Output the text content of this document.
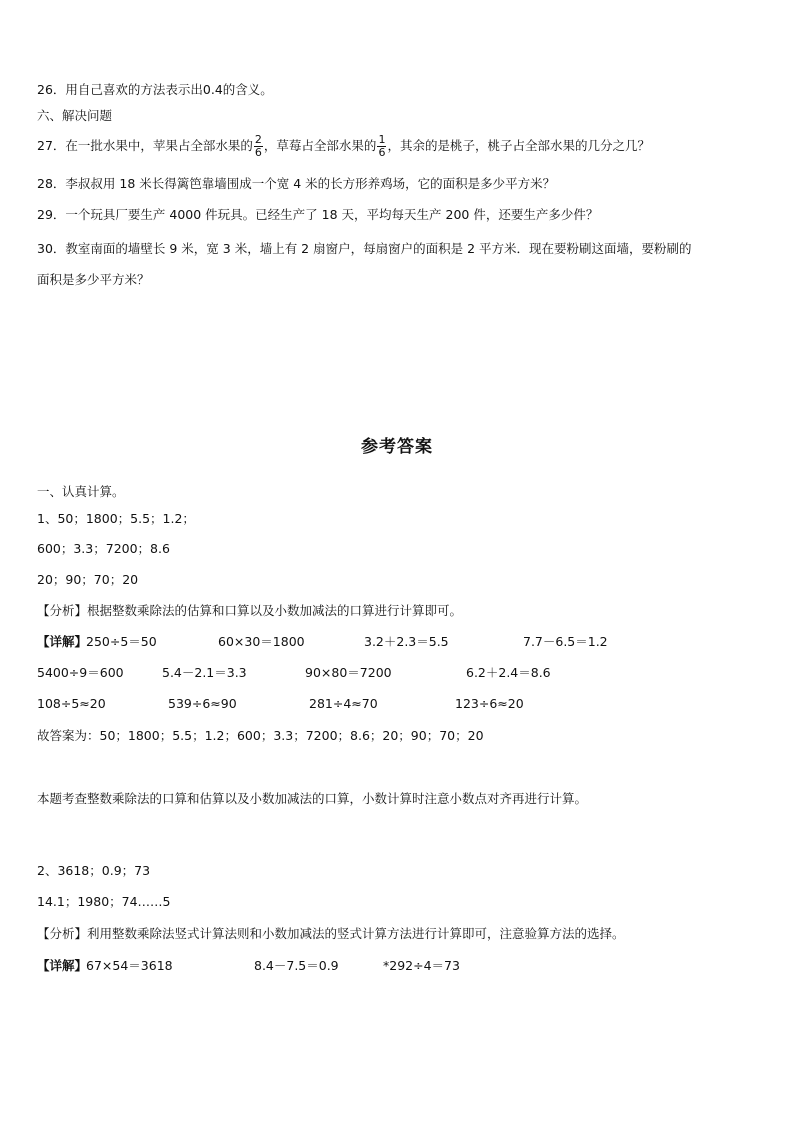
26．用自己喜欢的方法表示出0.4的含义。
六、解决问题
27．在一批水果中，苹果占全部水果的 $\frac{2}{6}$ ，草莓占全部水果的 $\frac{1}{6}$ ，其余的是桃子，桃子占全部水果的几分之几？
28．李叔叔用 18 米长得篱笆靠墙围成一个宽 4 米的长方形养鸡场，它的面积是多少平方米？
29．一个玩具厂要生产 4000 件玩具。已经生产了 18 天，平均每天生产 200 件，还要生产多少件？
30．教室南面的墙壁长 9 米，宽 3 米，墙上有 2 扇窗户，每扇窗户的面积是 2 平方米．现在要粉刷这面墙，要粉刷的
面积是多少平方米？
参考答案
一、认真计算。
1、50；1800；5.5；1.2；
600；3.3；7200；8.6
20；90；70；20
【分析】根据整数乘除法的估算和口算以及小数加减法的口算进行计算即可。
【详解】
250÷5＝50	60×30＝1800	3.2＋2.3＝5.5	7.7－6.5＝1.2
5400÷9＝600	5.4－2.1＝3.3	90×80＝7200	6.2＋2.4＝8.6
108÷5≈20	539÷6≈90	281÷4≈70	123÷6≈20
故答案为：50；1800；5.5；1.2；600；3.3；7200；8.6；20；90；70；20
本题考查整数乘除法的口算和估算以及小数加减法的口算，小数计算时注意小数点对齐再进行计算。
2、3618；0.9；73
14.1；1980；74……5
【分析】利用整数乘除法竖式计算法则和小数加减法的竖式计算方法进行计算即可，注意验算方法的选择。
【详解】
67×54＝3618	8.4－7.5＝0.9	*292÷4＝73
